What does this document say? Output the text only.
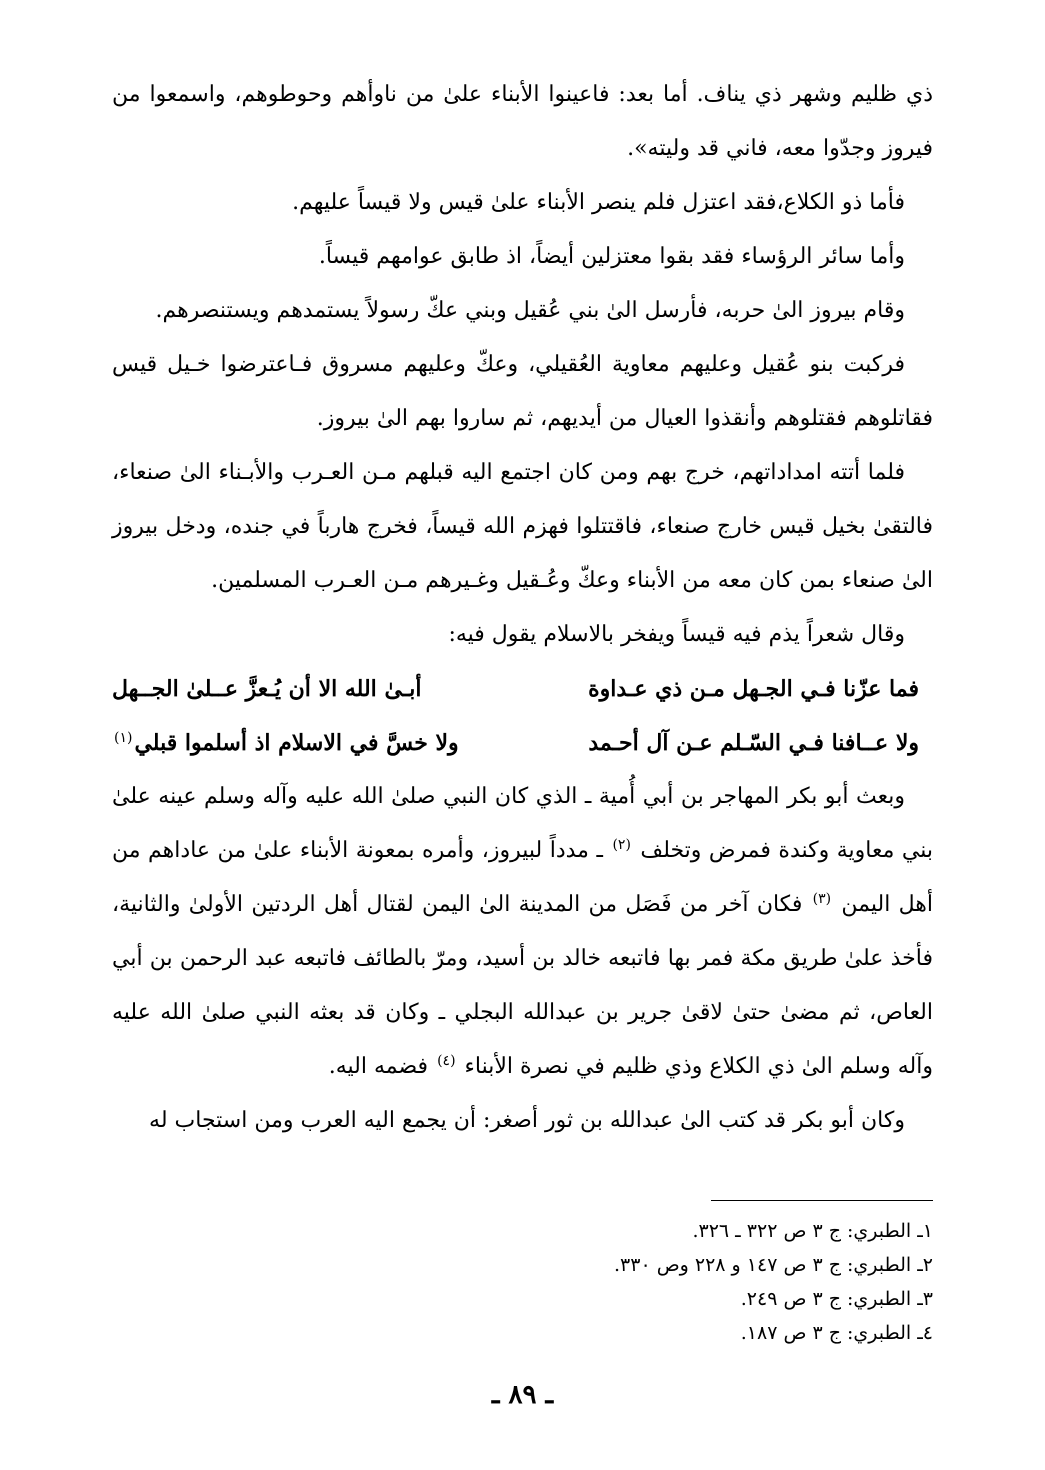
ذي ظليم وشهر ذي يناف. أما بعد: فاعينوا الأبناء علىٰ من ناوأهم وحوطوهم، واسمعوا من فيروز وجدّوا معه، فاني قد وليته».

فأما ذو الكلاع،فقد اعتزل فلم ينصر الأبناء علىٰ قيس ولا قيساً عليهم.

وأما سائر الرؤساء فقد بقوا معتزلين أيضاً، اذ طابق عوامهم قيساً.

وقام بيروز الىٰ حربه، فأرسل الىٰ بني عُقيل وبني عكّ رسولاً يستمدهم ويستنصرهم.

فركبت بنو عُقيل وعليهم معاوية العُقيلي، وعكّ وعليهم مسروق فـاعترضوا خـيل قيس فقاتلوهم فقتلوهم وأنقذوا العيال من أيديهم، ثم ساروا بهم الىٰ بيروز.

فلما أتته امداداتهم، خرج بهم ومن كان اجتمع اليه قبلهم مـن العـرب والأبـناء الىٰ صنعاء، فالتقىٰ بخيل قيس خارج صنعاء، فاقتتلوا فهزم الله قيساً، فخرج هارباً في جنده، ودخل بيروز الىٰ صنعاء بمن كان معه من الأبناء وعكّ وعُـقيل وغـيرهم مـن العـرب المسلمين.

وقال شعراً يذم فيه قيساً ويفخر بالاسلام يقول فيه:

فما عزّنا فـي الجـهل مـن ذي عـداوة
أبـىٰ الله الا أن يُـعزَّ عــلىٰ الجــهل
ولا عــافنا فـي السّـلم عـن آل أحـمد
ولا خسَّ في الاسلام اذ أسلموا قبلي$^{(١)}$

وبعث أبو بكر المهاجر بن أبي أُمية ـ الذي كان النبي صلىٰ الله عليه وآله وسلم عينه علىٰ بني معاوية وكندة فمرض وتخلف $^{(٢)}$ ـ مدداً لبيروز، وأمره بمعونة الأبناء علىٰ من عاداهم من أهل اليمن $^{(٣)}$ فكان آخر من فَصَل من المدينة الىٰ اليمن لقتال أهل الردتين الأولىٰ والثانية، فأخذ علىٰ طريق مكة فمر بها فاتبعه خالد بن أسيد، ومرّ بالطائف فاتبعه عبد الرحمن بن أبي العاص، ثم مضىٰ حتىٰ لاقىٰ جرير بن عبدالله البجلي ـ وكان قد بعثه النبي صلىٰ الله عليه وآله وسلم الىٰ ذي الكلاع وذي ظليم في نصرة الأبناء $^{(٤)}$ فضمه اليه.

وكان أبو بكر قد كتب الىٰ عبدالله بن ثور أصغر: أن يجمع اليه العرب ومن استجاب له

١ـ الطبري: ج ٣ ص ٣٢٢ ـ ٣٢٦.
٢ـ الطبري: ج ٣ ص ١٤٧ و ٢٢٨ وص ٣٣٠.
٣ـ الطبري: ج ٣ ص ٢٤٩.
٤ـ الطبري: ج ٣ ص ١٨٧.
ـ ٨٩ ـ
